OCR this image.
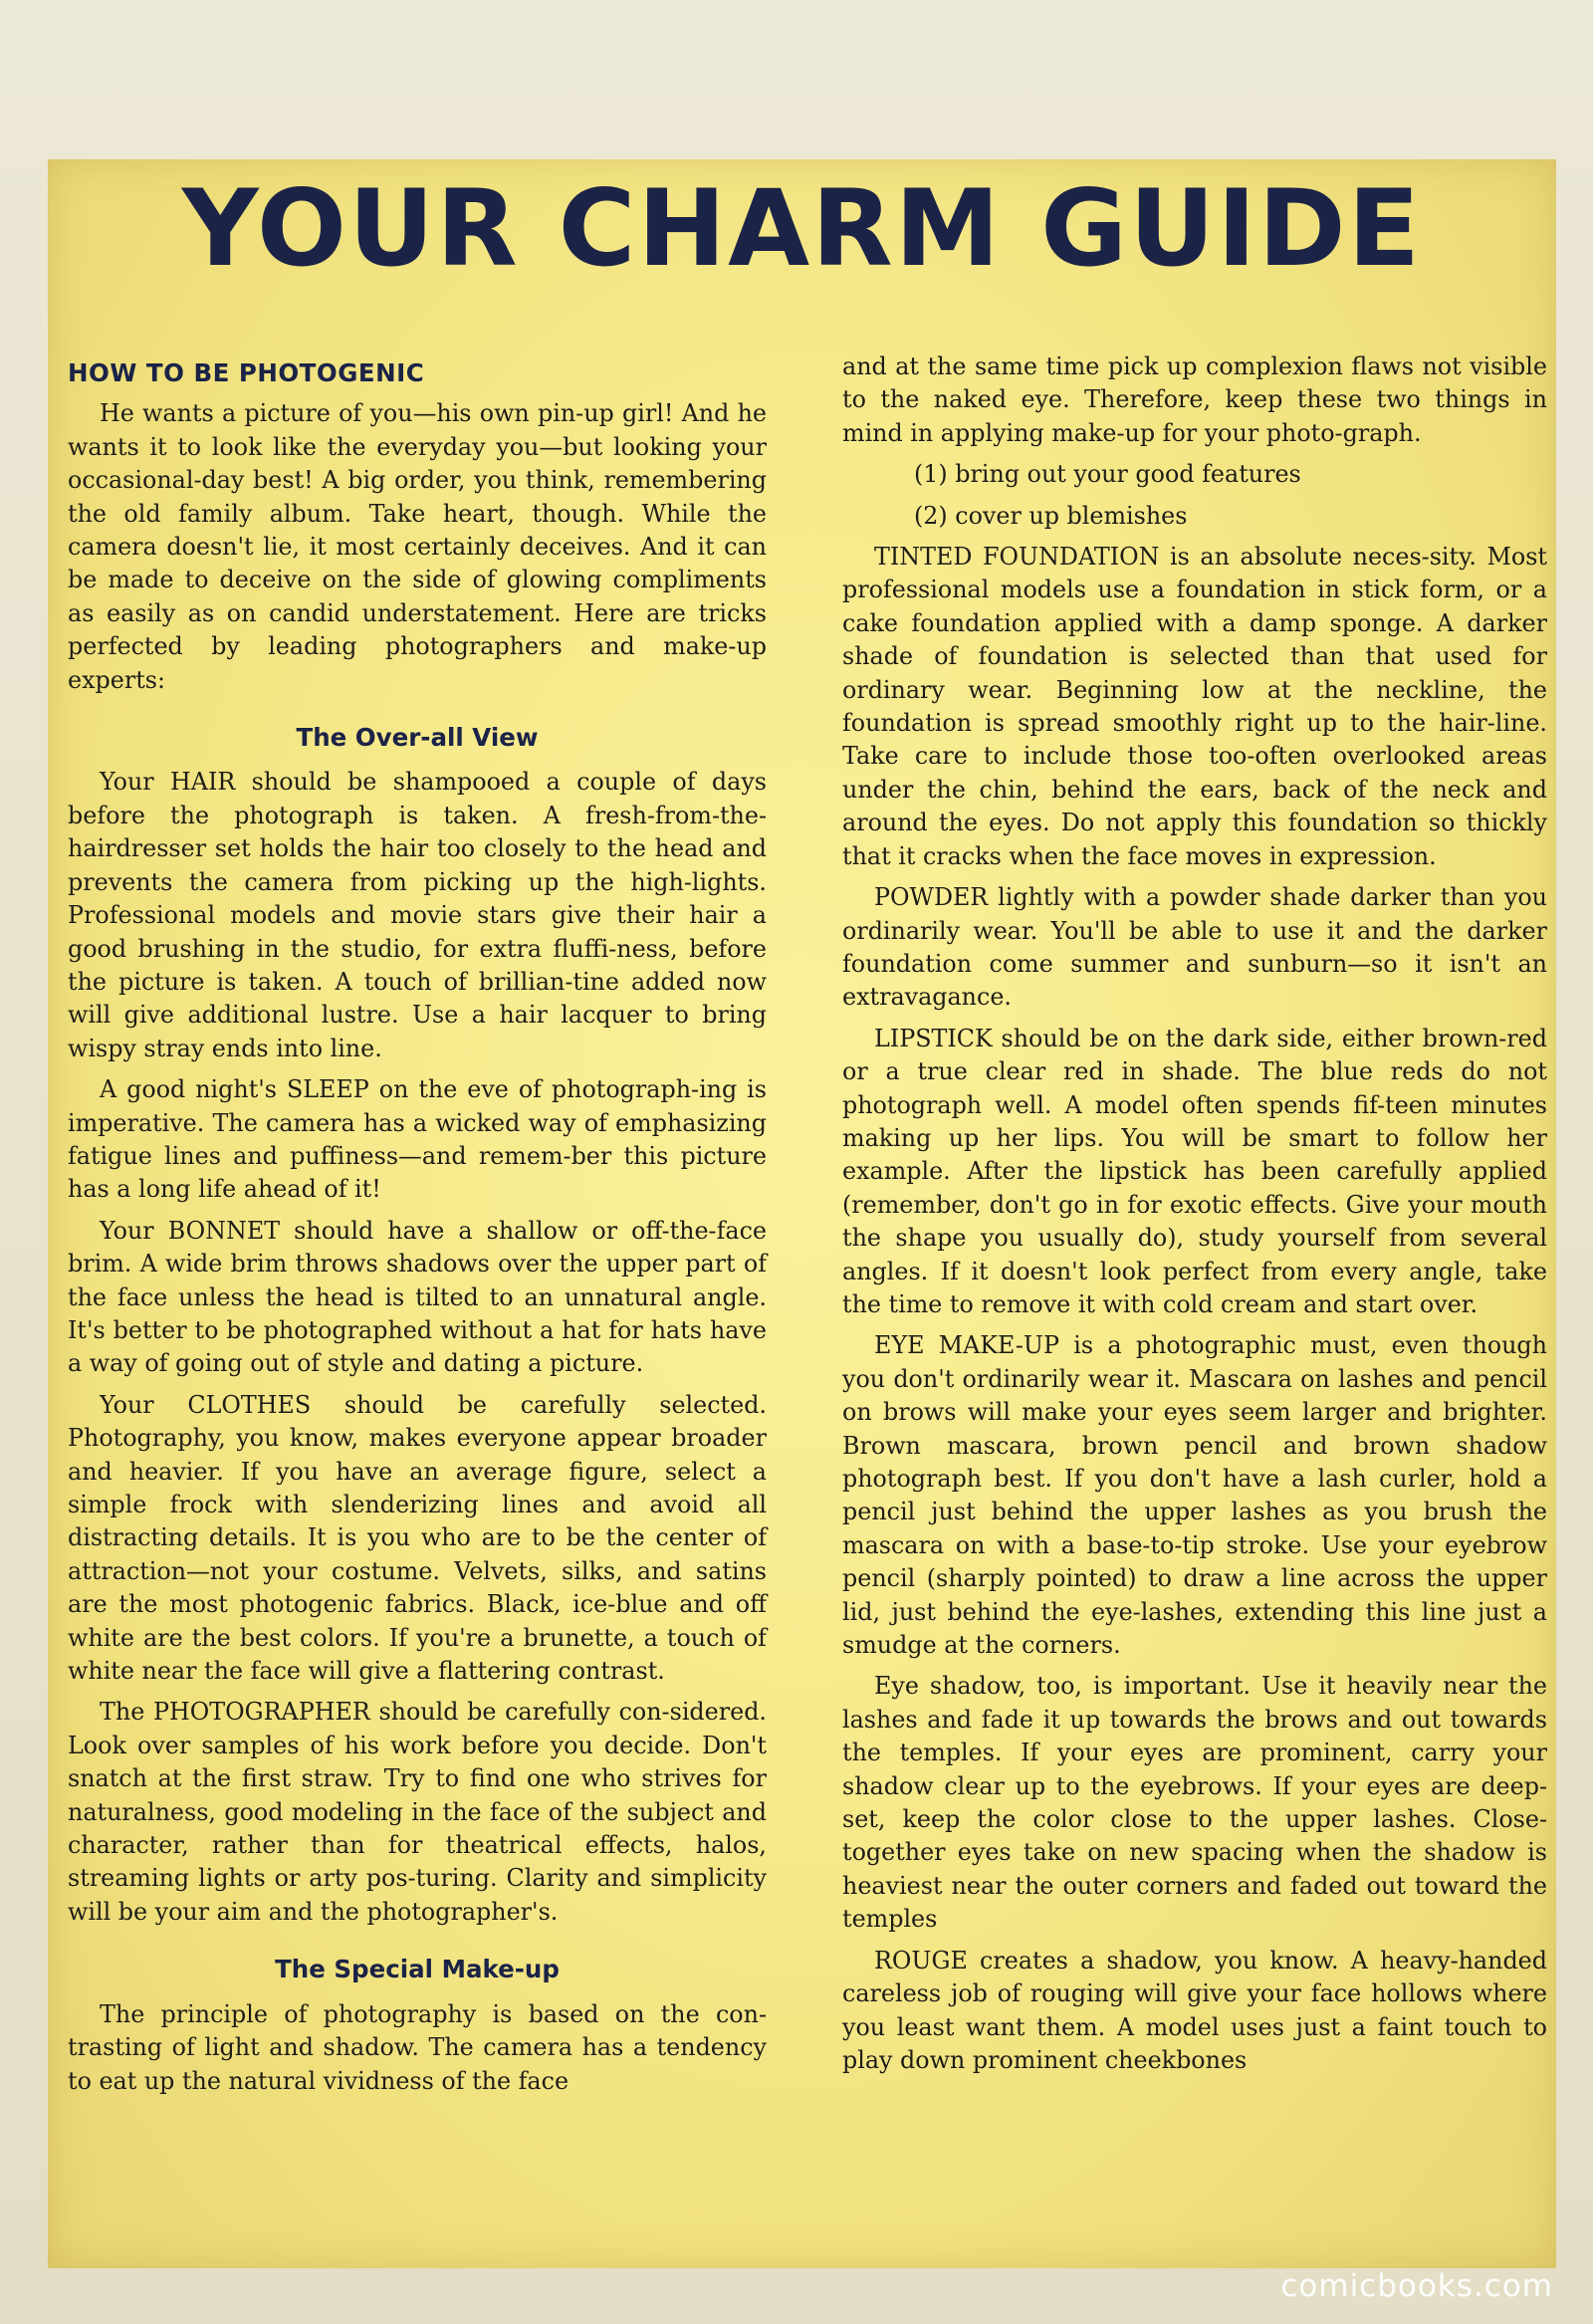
YOUR CHARM GUIDE
HOW TO BE PHOTOGENIC

He wants a picture of you—his own pin-up girl! And he wants it to look like the everyday you—but looking your occasional-day best! A big order, you think, remembering the old family album. Take heart, though. While the camera doesn't lie, it most certainly deceives. And it can be made to deceive on the side of glowing compliments as easily as on candid understatement. Here are tricks perfected by leading photographers and make-up experts:

The Over-all View

Your HAIR should be shampooed a couple of days before the photograph is taken. A fresh-from-the-hairdresser set holds the hair too closely to the head and prevents the camera from picking up the high-lights. Professional models and movie stars give their hair a good brushing in the studio, for extra fluffi-ness, before the picture is taken. A touch of brillian-tine added now will give additional lustre. Use a hair lacquer to bring wispy stray ends into line.

A good night's SLEEP on the eve of photograph-ing is imperative. The camera has a wicked way of emphasizing fatigue lines and puffiness—and remem-ber this picture has a long life ahead of it!

Your BONNET should have a shallow or off-the-face brim. A wide brim throws shadows over the upper part of the face unless the head is tilted to an unnatural angle. It's better to be photographed without a hat for hats have a way of going out of style and dating a picture.

Your CLOTHES should be carefully selected. Photography, you know, makes everyone appear broader and heavier. If you have an average figure, select a simple frock with slenderizing lines and avoid all distracting details. It is you who are to be the center of attraction—not your costume. Velvets, silks, and satins are the most photogenic fabrics. Black, ice-blue and off white are the best colors. If you're a brunette, a touch of white near the face will give a flattering contrast.

The PHOTOGRAPHER should be carefully con-sidered. Look over samples of his work before you decide. Don't snatch at the first straw. Try to find one who strives for naturalness, good modeling in the face of the subject and character, rather than for theatrical effects, halos, streaming lights or arty pos-turing. Clarity and simplicity will be your aim and the photographer's.

The Special Make-up

The principle of photography is based on the con-trasting of light and shadow. The camera has a tendency to eat up the natural vividness of the face

and at the same time pick up complexion flaws not visible to the naked eye. Therefore, keep these two things in mind in applying make-up for your photo-graph.

(1) bring out your good features

(2) cover up blemishes

TINTED FOUNDATION is an absolute neces-sity. Most professional models use a foundation in stick form, or a cake foundation applied with a damp sponge. A darker shade of foundation is selected than that used for ordinary wear. Beginning low at the neckline, the foundation is spread smoothly right up to the hair-line. Take care to include those too-often overlooked areas under the chin, behind the ears, back of the neck and around the eyes. Do not apply this foundation so thickly that it cracks when the face moves in expression.

POWDER lightly with a powder shade darker than you ordinarily wear. You'll be able to use it and the darker foundation come summer and sunburn—so it isn't an extravagance.

LIPSTICK should be on the dark side, either brown-red or a true clear red in shade. The blue reds do not photograph well. A model often spends fif-teen minutes making up her lips. You will be smart to follow her example. After the lipstick has been carefully applied (remember, don't go in for exotic effects. Give your mouth the shape you usually do), study yourself from several angles. If it doesn't look perfect from every angle, take the time to remove it with cold cream and start over.

EYE MAKE-UP is a photographic must, even though you don't ordinarily wear it. Mascara on lashes and pencil on brows will make your eyes seem larger and brighter. Brown mascara, brown pencil and brown shadow photograph best. If you don't have a lash curler, hold a pencil just behind the upper lashes as you brush the mascara on with a base-to-tip stroke. Use your eyebrow pencil (sharply pointed) to draw a line across the upper lid, just behind the eye-lashes, extending this line just a smudge at the corners.

Eye shadow, too, is important. Use it heavily near the lashes and fade it up towards the brows and out towards the temples. If your eyes are prominent, carry your shadow clear up to the eyebrows. If your eyes are deep-set, keep the color close to the upper lashes. Close-together eyes take on new spacing when the shadow is heaviest near the outer corners and faded out toward the temples

ROUGE creates a shadow, you know. A heavy-handed careless job of rouging will give your face hollows where you least want them. A model uses just a faint touch to play down prominent cheekbones

comicbooks.com
